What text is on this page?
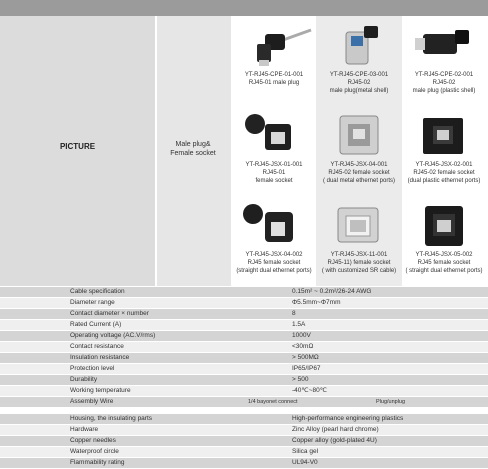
PICTURE	Male plug&
Female socket
YT-RJ45-CPE-01-001
RJ45-01 male plug
YT-RJ45-CPE-03-001
RJ45-02
male plug(metal shell)
YT-RJ45-CPE-02-001
RJ45-02
male plug (plastic shell)
YT-RJ45-JSX-01-001
RJ45-01
female socket
YT-RJ45-JSX-04-001
RJ45-02 female socket
( dual metal ethernet ports)
YT-RJ45-JSX-02-001
RJ45-02 female socket
(dual plastic ethernet ports)
YT-RJ45-JSX-04-002
RJ45 female socket
(straight dual ethernet ports)
YT-RJ45-JSX-11-001
RJ45-11) female socket
( with customized SR cable)
YT-RJ45-JSX-05-002
RJ45 female socket
( straight dual ethernet ports)
Cable specification	0.15m² ~ 0.2m²/26-24 AWG
Diameter range	Φ5.5mm~Φ7mm
Contact diameter × number	8
Rated Current (A)	1.5A
Operating voltage (AC.V/rms)	1000V
Contact resistance	<30mΩ
Insulation resistance	> 500MΩ
Protection level	IP65/IP67
Durability	> 500
Working temperature	-40℃~80℃
Assembly Wire	1/4 bayonet connect	Plug/unplug
Housing, the insulating parts	High-performance engineering plastics
Hardware	Zinc Alloy (pearl hard chrome)
Copper needles	Copper alloy (gold-plated 4U)
Waterproof circle	Silica gel
Flammability rating	UL94-V0
